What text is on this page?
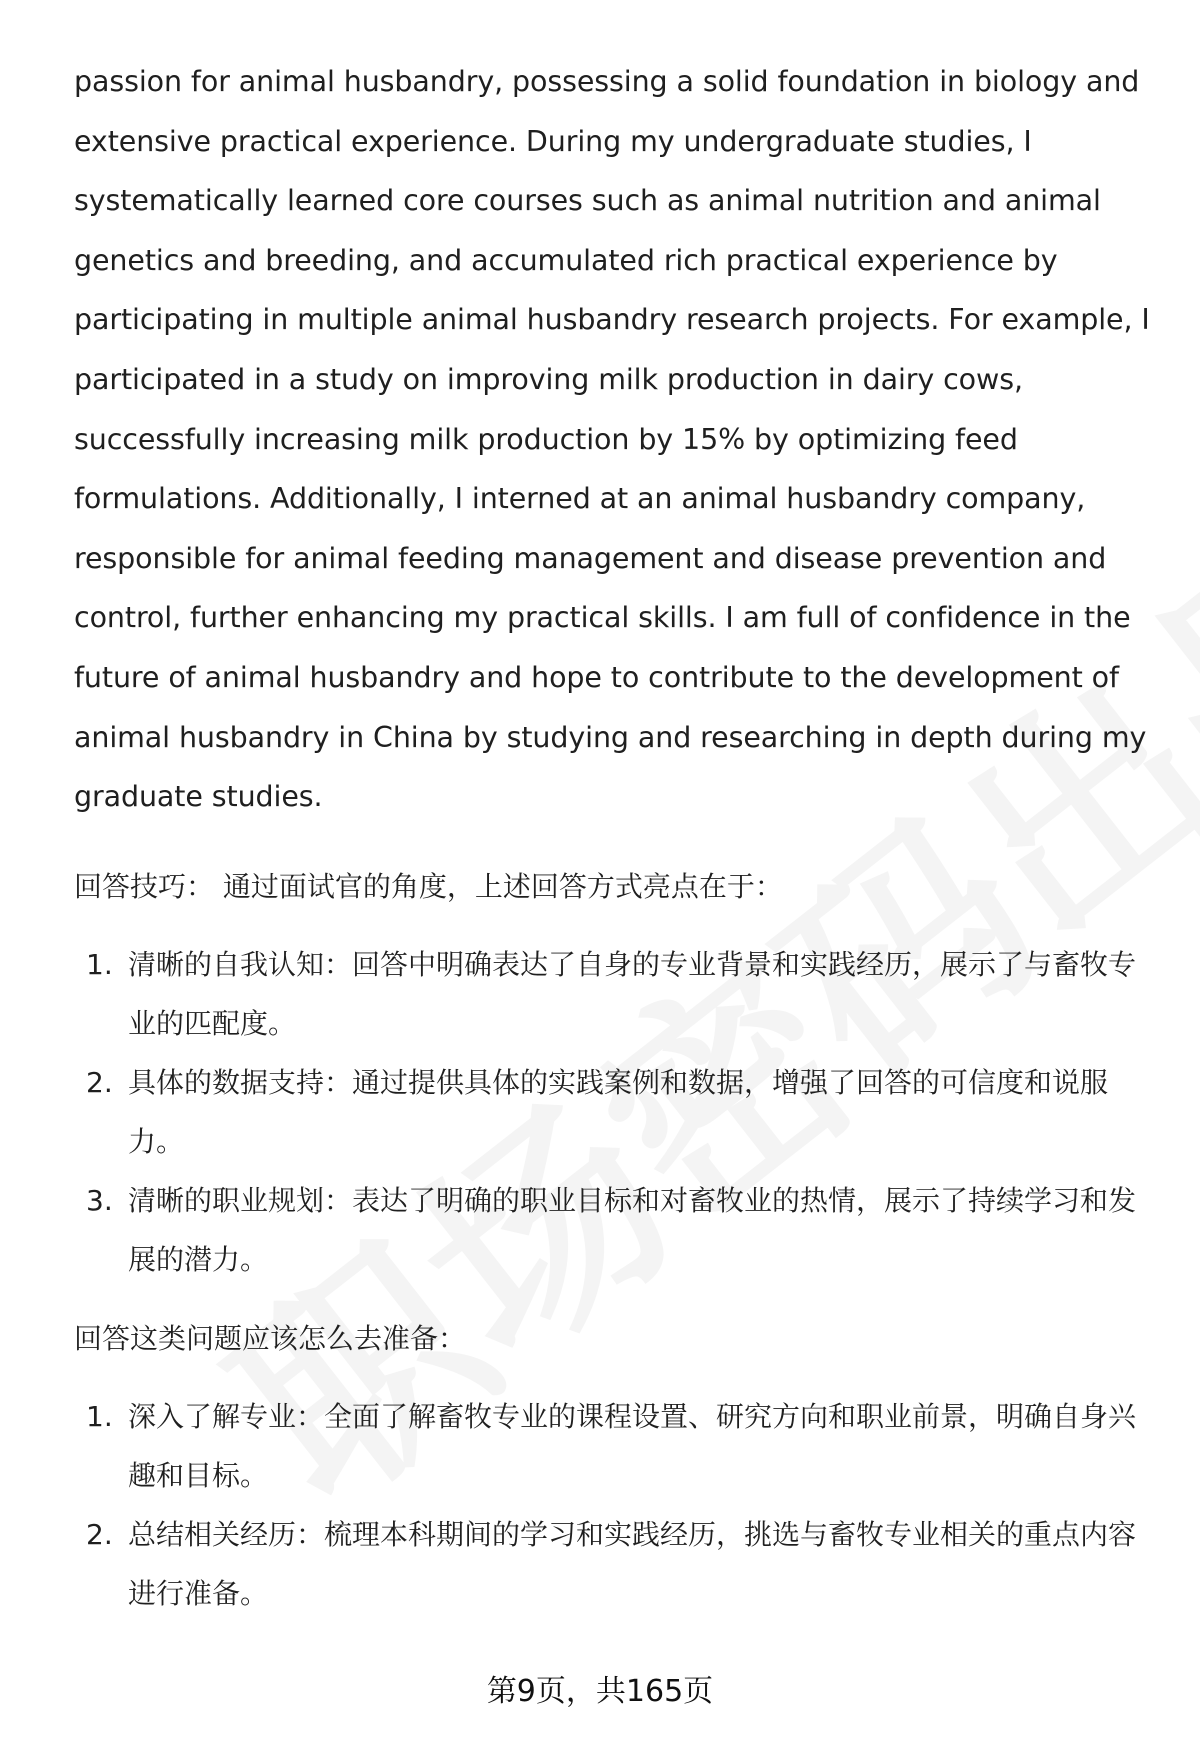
passion for animal husbandry, possessing a solid foundation in biology and extensive practical experience. During my undergraduate studies, I systematically learned core courses such as animal nutrition and animal genetics and breeding, and accumulated rich practical experience by participating in multiple animal husbandry research projects. For example, I participated in a study on improving milk production in dairy cows, successfully increasing milk production by 15% by optimizing feed formulations. Additionally, I interned at an animal husbandry company, responsible for animal feeding management and disease prevention and control, further enhancing my practical skills. I am full of confidence in the future of animal husbandry and hope to contribute to the development of animal husbandry in China by studying and researching in depth during my graduate studies.

回答技巧： 通过面试官的角度，上述回答方式亮点在于：

1. 清晰的自我认知：回答中明确表达了自身的专业背景和实践经历，展示了与畜牧专业的匹配度。
2. 具体的数据支持：通过提供具体的实践案例和数据，增强了回答的可信度和说服力。
3. 清晰的职业规划：表达了明确的职业目标和对畜牧业的热情，展示了持续学习和发展的潜力。

回答这类问题应该怎么去准备：

1. 深入了解专业：全面了解畜牧专业的课程设置、研究方向和职业前景，明确自身兴趣和目标。
2. 总结相关经历：梳理本科期间的学习和实践经历，挑选与畜牧专业相关的重点内容进行准备。
第9页，共165页
